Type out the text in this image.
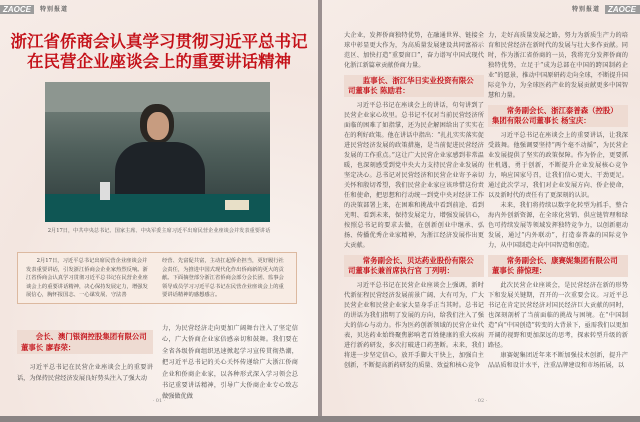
ZAOCE	特别报道
浙江省侨商会认真学习贯彻习近平总书记
在民营企业座谈会上的重要讲话精神
2月17日，中共中央总书记、国家主席、中央军委主席习近平出席民营企业座谈会并发表重要讲话

2月17日，习近平总书记出席民营企业座谈会并发表重要讲话，引发浙江侨商会企业家热烈反响。浙江省侨商会认真学习贯彻习近平总书记在民营企业座谈会上的重要讲话精神，决心保持发展定力，增强发展信心，胸怀报国志、一心谋发展、守法善

经营、先富促共富，主动扛起侨企担当，更好履行社会责任，为推进中国式现代化作出侨商新的更大的贡献。下面摘登部分浙江省侨商会部分会长团、监事会领导成员学习习近平总书记在民营企业座谈会上的重要讲话精神的感想感言。

会长、澳门银润控股集团有限公司董事长 廖春荣：

习近平总书记在民营企业座谈会上的重要讲话，为保持民营经济发展良好势头注入了强大动

力，为民营经济走向更加广阔舞台注入了坚定信心，广大侨商企业家倍感亲切和鼓舞。我们要在全省各级侨商组织迅速掀起学习宣传贯彻热潮，把习近平总书记的关心关怀传递给广大浙江侨商企业和侨商企业家，以各种形式深入学习领会总书记重要讲话精神，引导广大侨商企业专心致志做强做优做

· 01 ·
特别报道 ZAOCE

大企业，发挥侨商独特优势，在融通世界、链接全球中彰显更大作为，为高质量发展建设共同富裕示范区、加快打造“重要窗口”，奋力谱写中国式现代化浙江新篇章贡献侨商力量。

监事长、浙江华日实业投资有限公司董事长 陈励君：

习近平总书记在座谈会上的讲话，句句讲到了民营企业家心坎里。总书记不仅对当前民营经济所面临的困难了如指掌，还为民企解困给出了实实在在的利好政策。他在讲话中指出：“扎扎实实落实促进民营经济发展的政策措施，是当前促进民营经济发展的工作重点。”这让广大民营企业家感到非常温暖，也深刻感受到党中央大力支持民营企业发展的坚定决心。总书记对民营经济和民营企业寄予亲切关怀和殷切希望，我们民营企业家应该珍惜这份责任和使命，把思想和行动统一到党中央对经济工作的决策部署上来，在困难和挑战中看到前途、看到光明、看到未来，保持发展定力，增强发展信心，按照总书记的要求去做，在创新创业中继承、弘扬、传播优秀企业家精神，为浙江经济发展作出更大贡献。

常务副会长、贝达药业股份有限公司董事长兼首席执行官 丁列明：

习近平总书记在民营企业座谈会上强调，新时代新征程民营经济发展前景广阔、大有可为，广大民营企业和民营企业家大显身手正当其时。总书记的讲话为我们指明了发展的方向，给我们注入了强大的信心与动力。作为医药创新领域的民营企业代表，贝达药业始终聚焦影响老百姓健康的重大疾病进行新药研发，多次打破进口药垄断。未来，我们将进一步坚定信心，放开手脚大干快上，加强自主创新，不断提高新药研发的质量、效益和核心竞争

力，走好高质量发展之路，努力为新质生产力的培育和民营经济在新时代的发展与壮大多作贡献。同时，作为浙江省侨商的一员，我将充分发挥侨商的独特优势，立足于“成为总部在中国的跨国制药企业”的愿景，推动中国原研药走向全球，不断提升国际竞争力，为全球医药产业的发展贡献更多中国智慧和力量。

常务副会长、浙江泰普森（控股）集团有限公司董事长 杨宝庆：

习近平总书记在座谈会上的重要讲话，让我深受鼓舞。他强调要坚持“两个毫不动摇”，为民营企业发展提供了坚实的政策保障。作为侨企，更要抓住机遇，勇于创新，不断提升企业发展核心竞争力，响应国家号召，让我们信心更大、干劲更足。通过此次学习，我们对企业发展方向、侨企使命，以及新时代的责任有了更深刻的认识。

未来，我们将持续以数字化转型为抓手，整合海内外创新资源，在全球化营销、供应链管理和绿色可持续发展等领域发挥独特竞争力，以创新驱动发展，通过“内外联动”，打造泰普森的国际竞争力，从中国制造走向中国智造和创造。

常务副会长、康赛妮集团有限公司董事长 薛惊理：

此次民营企业座谈会，是民营经济在新的形势下和发展关键期，召开的一次重要会议。习近平总书记在肯定民营经济对国民经济巨大贡献的同时，也深刻剖析了当前面临的挑战与困境。在“中国制造”向“中国创造”转变的大背景下，亟需我们以更加开阔的视野和更加深远的思考，探索转型升级的新路径。

康赛妮集团近年来不断加强技术创新，提升产品品质和设计水平，注重品牌建设和市场拓展，以

· 02 ·
